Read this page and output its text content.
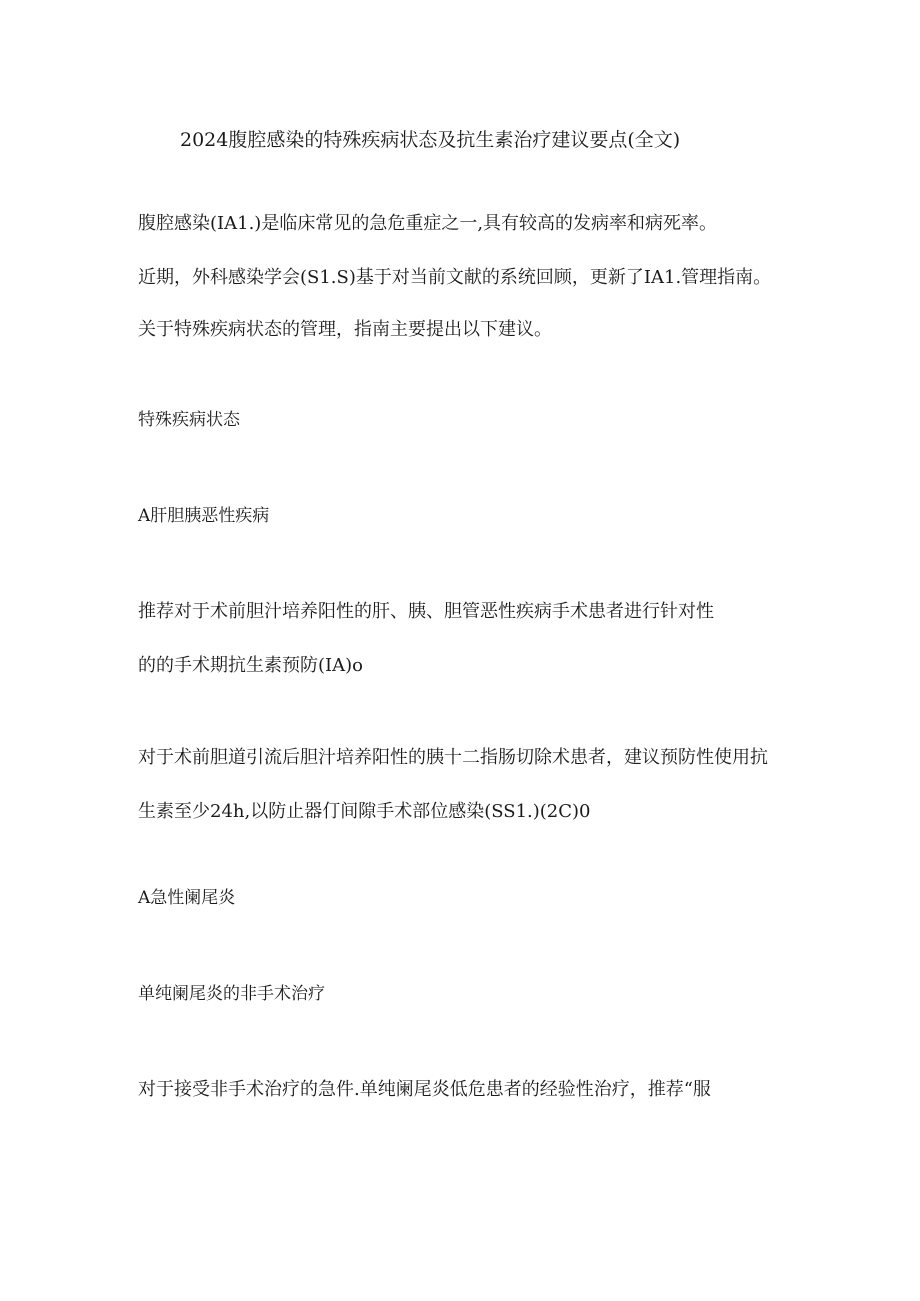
2024腹腔感染的特殊疾病状态及抗生素治疗建议要点(全文)
腹腔感染(IA1.)是临床常见的急危重症之一,具有较高的发病率和病死率。
近期，外科感染学会(S1.S)基于对当前文献的系统回顾，更新了IA1.管理指南。
关于特殊疾病状态的管理，指南主要提出以下建议。
特殊疾病状态
A肝胆胰恶性疾病
推荐对于术前胆汁培养阳性的肝、胰、胆管恶性疾病手术患者进行针对性
的的手术期抗生素预防(IA)o
对于术前胆道引流后胆汁培养阳性的胰十二指肠切除术患者，建议预防性使用抗
生素至少24h,以防止器仃间隙手术部位感染(SS1.)(2C)0
A急性阑尾炎
单纯阑尾炎的非手术治疗
对于接受非手术治疗的急件.单纯阑尾炎低危患者的经验性治疗，推荐“服
